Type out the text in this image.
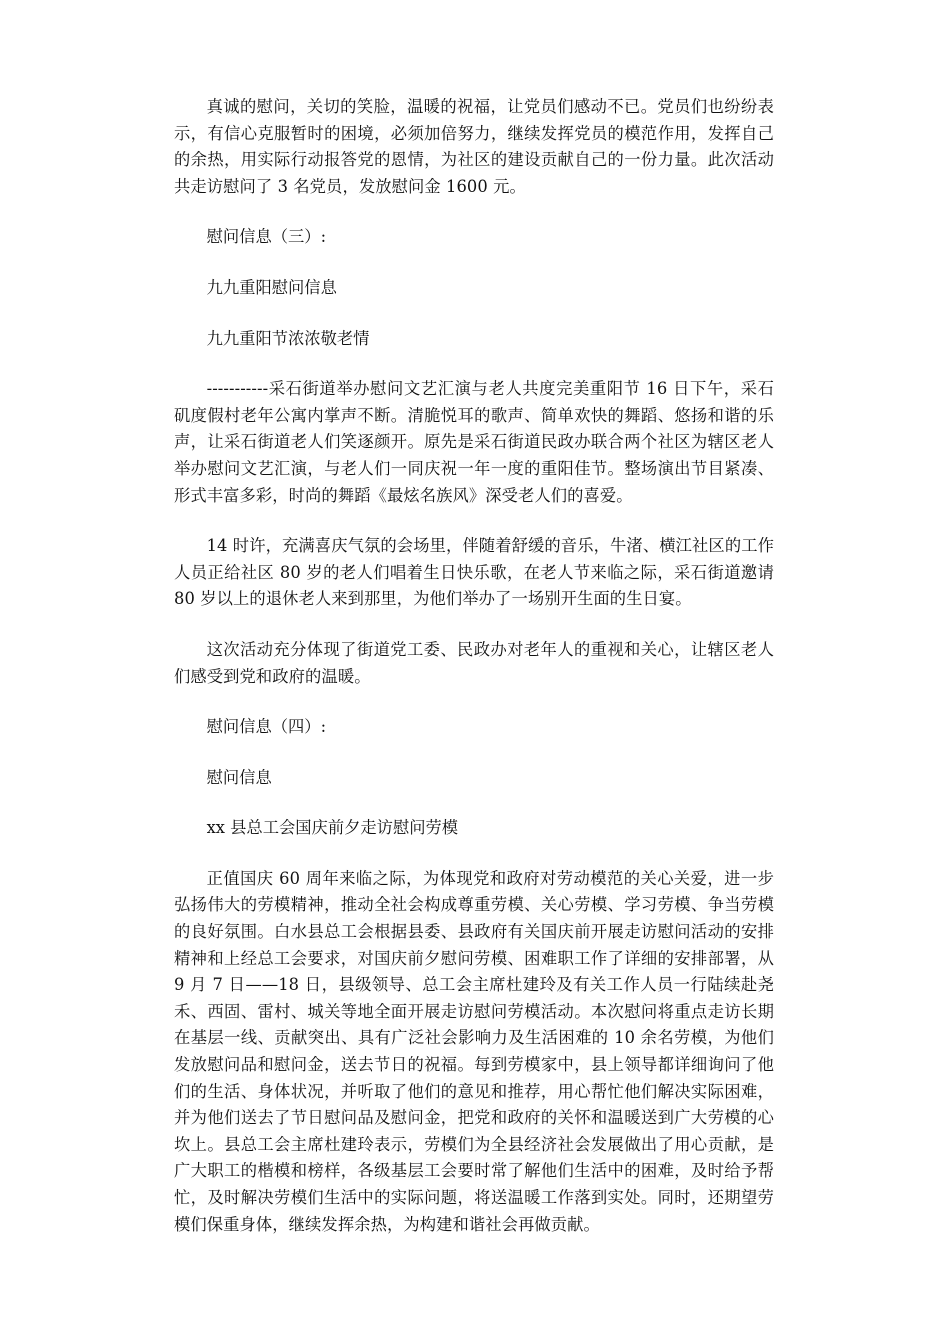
真诚的慰问，关切的笑脸，温暖的祝福，让党员们感动不已。党员们也纷纷表示，有信心克服暂时的困境，必须加倍努力，继续发挥党员的模范作用，发挥自己的余热，用实际行动报答党的恩情，为社区的建设贡献自己的一份力量。此次活动共走访慰问了 3 名党员，发放慰问金 1600 元。

慰问信息（三）:

九九重阳慰问信息

九九重阳节浓浓敬老情

-----------采石街道举办慰问文艺汇演与老人共度完美重阳节 16 日下午，采石矶度假村老年公寓内掌声不断。清脆悦耳的歌声、简单欢快的舞蹈、悠扬和谐的乐声，让采石街道老人们笑逐颜开。原先是采石街道民政办联合两个社区为辖区老人举办慰问文艺汇演，与老人们一同庆祝一年一度的重阳佳节。整场演出节目紧凑、形式丰富多彩，时尚的舞蹈《最炫名族风》深受老人们的喜爱。

14 时许，充满喜庆气氛的会场里，伴随着舒缓的音乐，牛渚、横江社区的工作人员正给社区 80 岁的老人们唱着生日快乐歌，在老人节来临之际，采石街道邀请 80 岁以上的退休老人来到那里，为他们举办了一场别开生面的生日宴。

这次活动充分体现了街道党工委、民政办对老年人的重视和关心，让辖区老人们感受到党和政府的温暖。

慰问信息（四）:

慰问信息

xx 县总工会国庆前夕走访慰问劳模

正值国庆 60 周年来临之际，为体现党和政府对劳动模范的关心关爱，进一步弘扬伟大的劳模精神，推动全社会构成尊重劳模、关心劳模、学习劳模、争当劳模的良好氛围。白水县总工会根据县委、县政府有关国庆前开展走访慰问活动的安排精神和上经总工会要求，对国庆前夕慰问劳模、困难职工作了详细的安排部署，从 9 月 7 日——18 日，县级领导、总工会主席杜建玲及有关工作人员一行陆续赴尧禾、西固、雷村、城关等地全面开展走访慰问劳模活动。本次慰问将重点走访长期在基层一线、贡献突出、具有广泛社会影响力及生活困难的 10 余名劳模，为他们发放慰问品和慰问金，送去节日的祝福。每到劳模家中，县上领导都详细询问了他们的生活、身体状况，并听取了他们的意见和推荐，用心帮忙他们解决实际困难，并为他们送去了节日慰问品及慰问金，把党和政府的关怀和温暖送到广大劳模的心坎上。县总工会主席杜建玲表示，劳模们为全县经济社会发展做出了用心贡献，是广大职工的楷模和榜样，各级基层工会要时常了解他们生活中的困难，及时给予帮忙，及时解决劳模们生活中的实际问题，将送温暖工作落到实处。同时，还期望劳模们保重身体，继续发挥余热，为构建和谐社会再做贡献。
